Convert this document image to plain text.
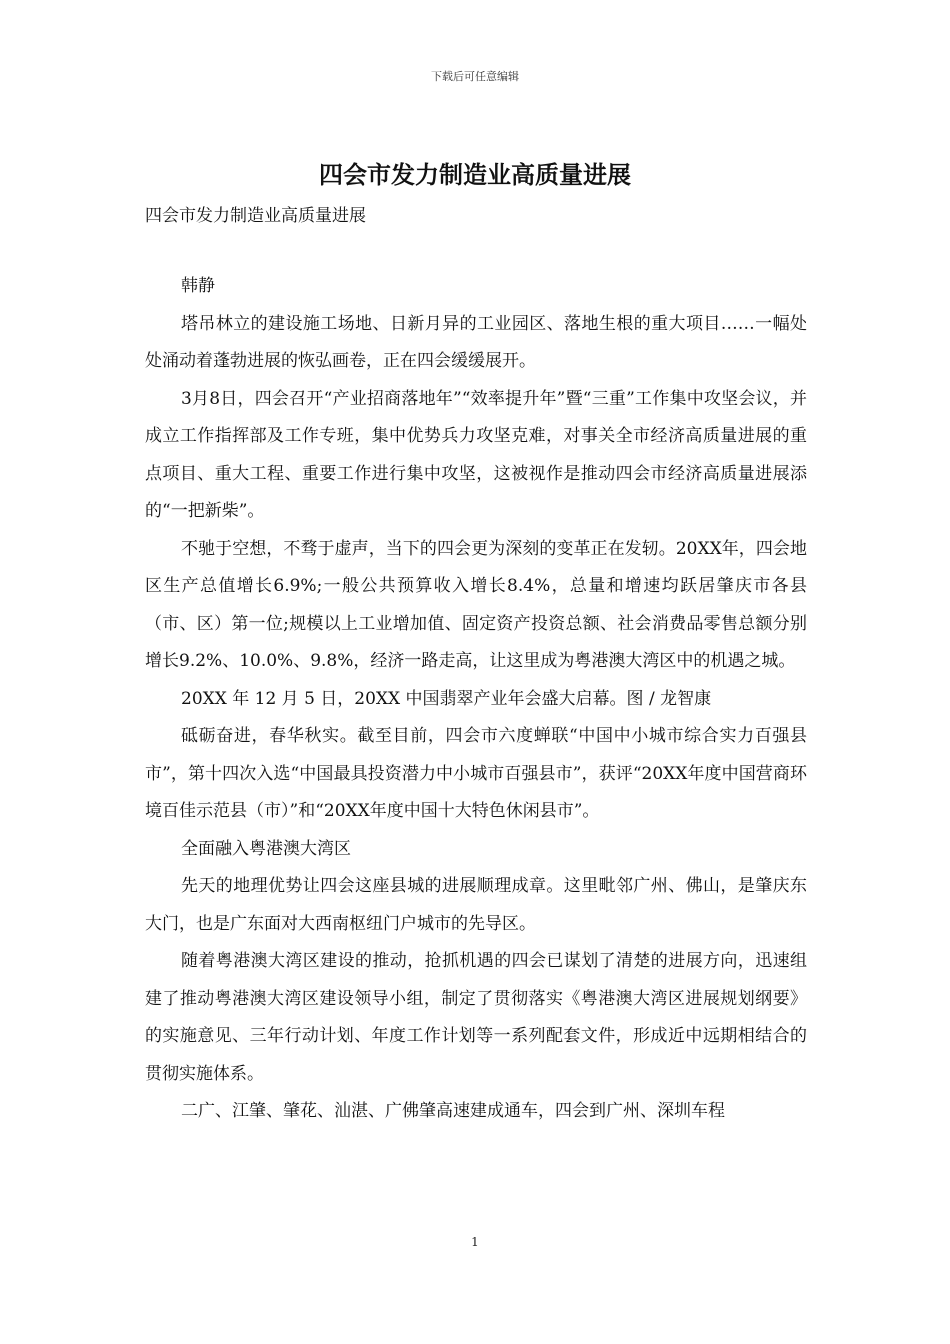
下载后可任意编辑
四会市发力制造业高质量进展
四会市发力制造业高质量进展

韩静

塔吊林立的建设施工场地、日新月异的工业园区、落地生根的重大项目……一幅处处涌动着蓬勃进展的恢弘画卷，正在四会缓缓展开。

3月8日，四会召开“产业招商落地年”“效率提升年”暨“三重”工作集中攻坚会议，并成立工作指挥部及工作专班，集中优势兵力攻坚克难，对事关全市经济高质量进展的重点项目、重大工程、重要工作进行集中攻坚，这被视作是推动四会市经济高质量进展添的“一把新柴”。

不驰于空想，不骛于虚声，当下的四会更为深刻的变革正在发轫。20XX年，四会地区生产总值增长6.9%;一般公共预算收入增长8.4%，总量和增速均跃居肇庆市各县（市、区）第一位;规模以上工业增加值、固定资产投资总额、社会消费品零售总额分别增长9.2%、10.0%、9.8%，经济一路走高，让这里成为粤港澳大湾区中的机遇之城。

20XX 年 12 月 5 日，20XX 中国翡翠产业年会盛大启幕。图 / 龙智康

砥砺奋进，春华秋实。截至目前，四会市六度蝉联“中国中小城市综合实力百强县市”，第十四次入选“中国最具投资潜力中小城市百强县市”，获评“20XX年度中国营商环境百佳示范县（市）”和“20XX年度中国十大特色休闲县市”。

全面融入粤港澳大湾区

先天的地理优势让四会这座县城的进展顺理成章。这里毗邻广州、佛山，是肇庆东大门，也是广东面对大西南枢纽门户城市的先导区。

随着粤港澳大湾区建设的推动，抢抓机遇的四会已谋划了清楚的进展方向，迅速组建了推动粤港澳大湾区建设领导小组，制定了贯彻落实《粤港澳大湾区进展规划纲要》的实施意见、三年行动计划、年度工作计划等一系列配套文件，形成近中远期相结合的贯彻实施体系。

二广、江肇、肇花、汕湛、广佛肇高速建成通车，四会到广州、深圳车程

1
